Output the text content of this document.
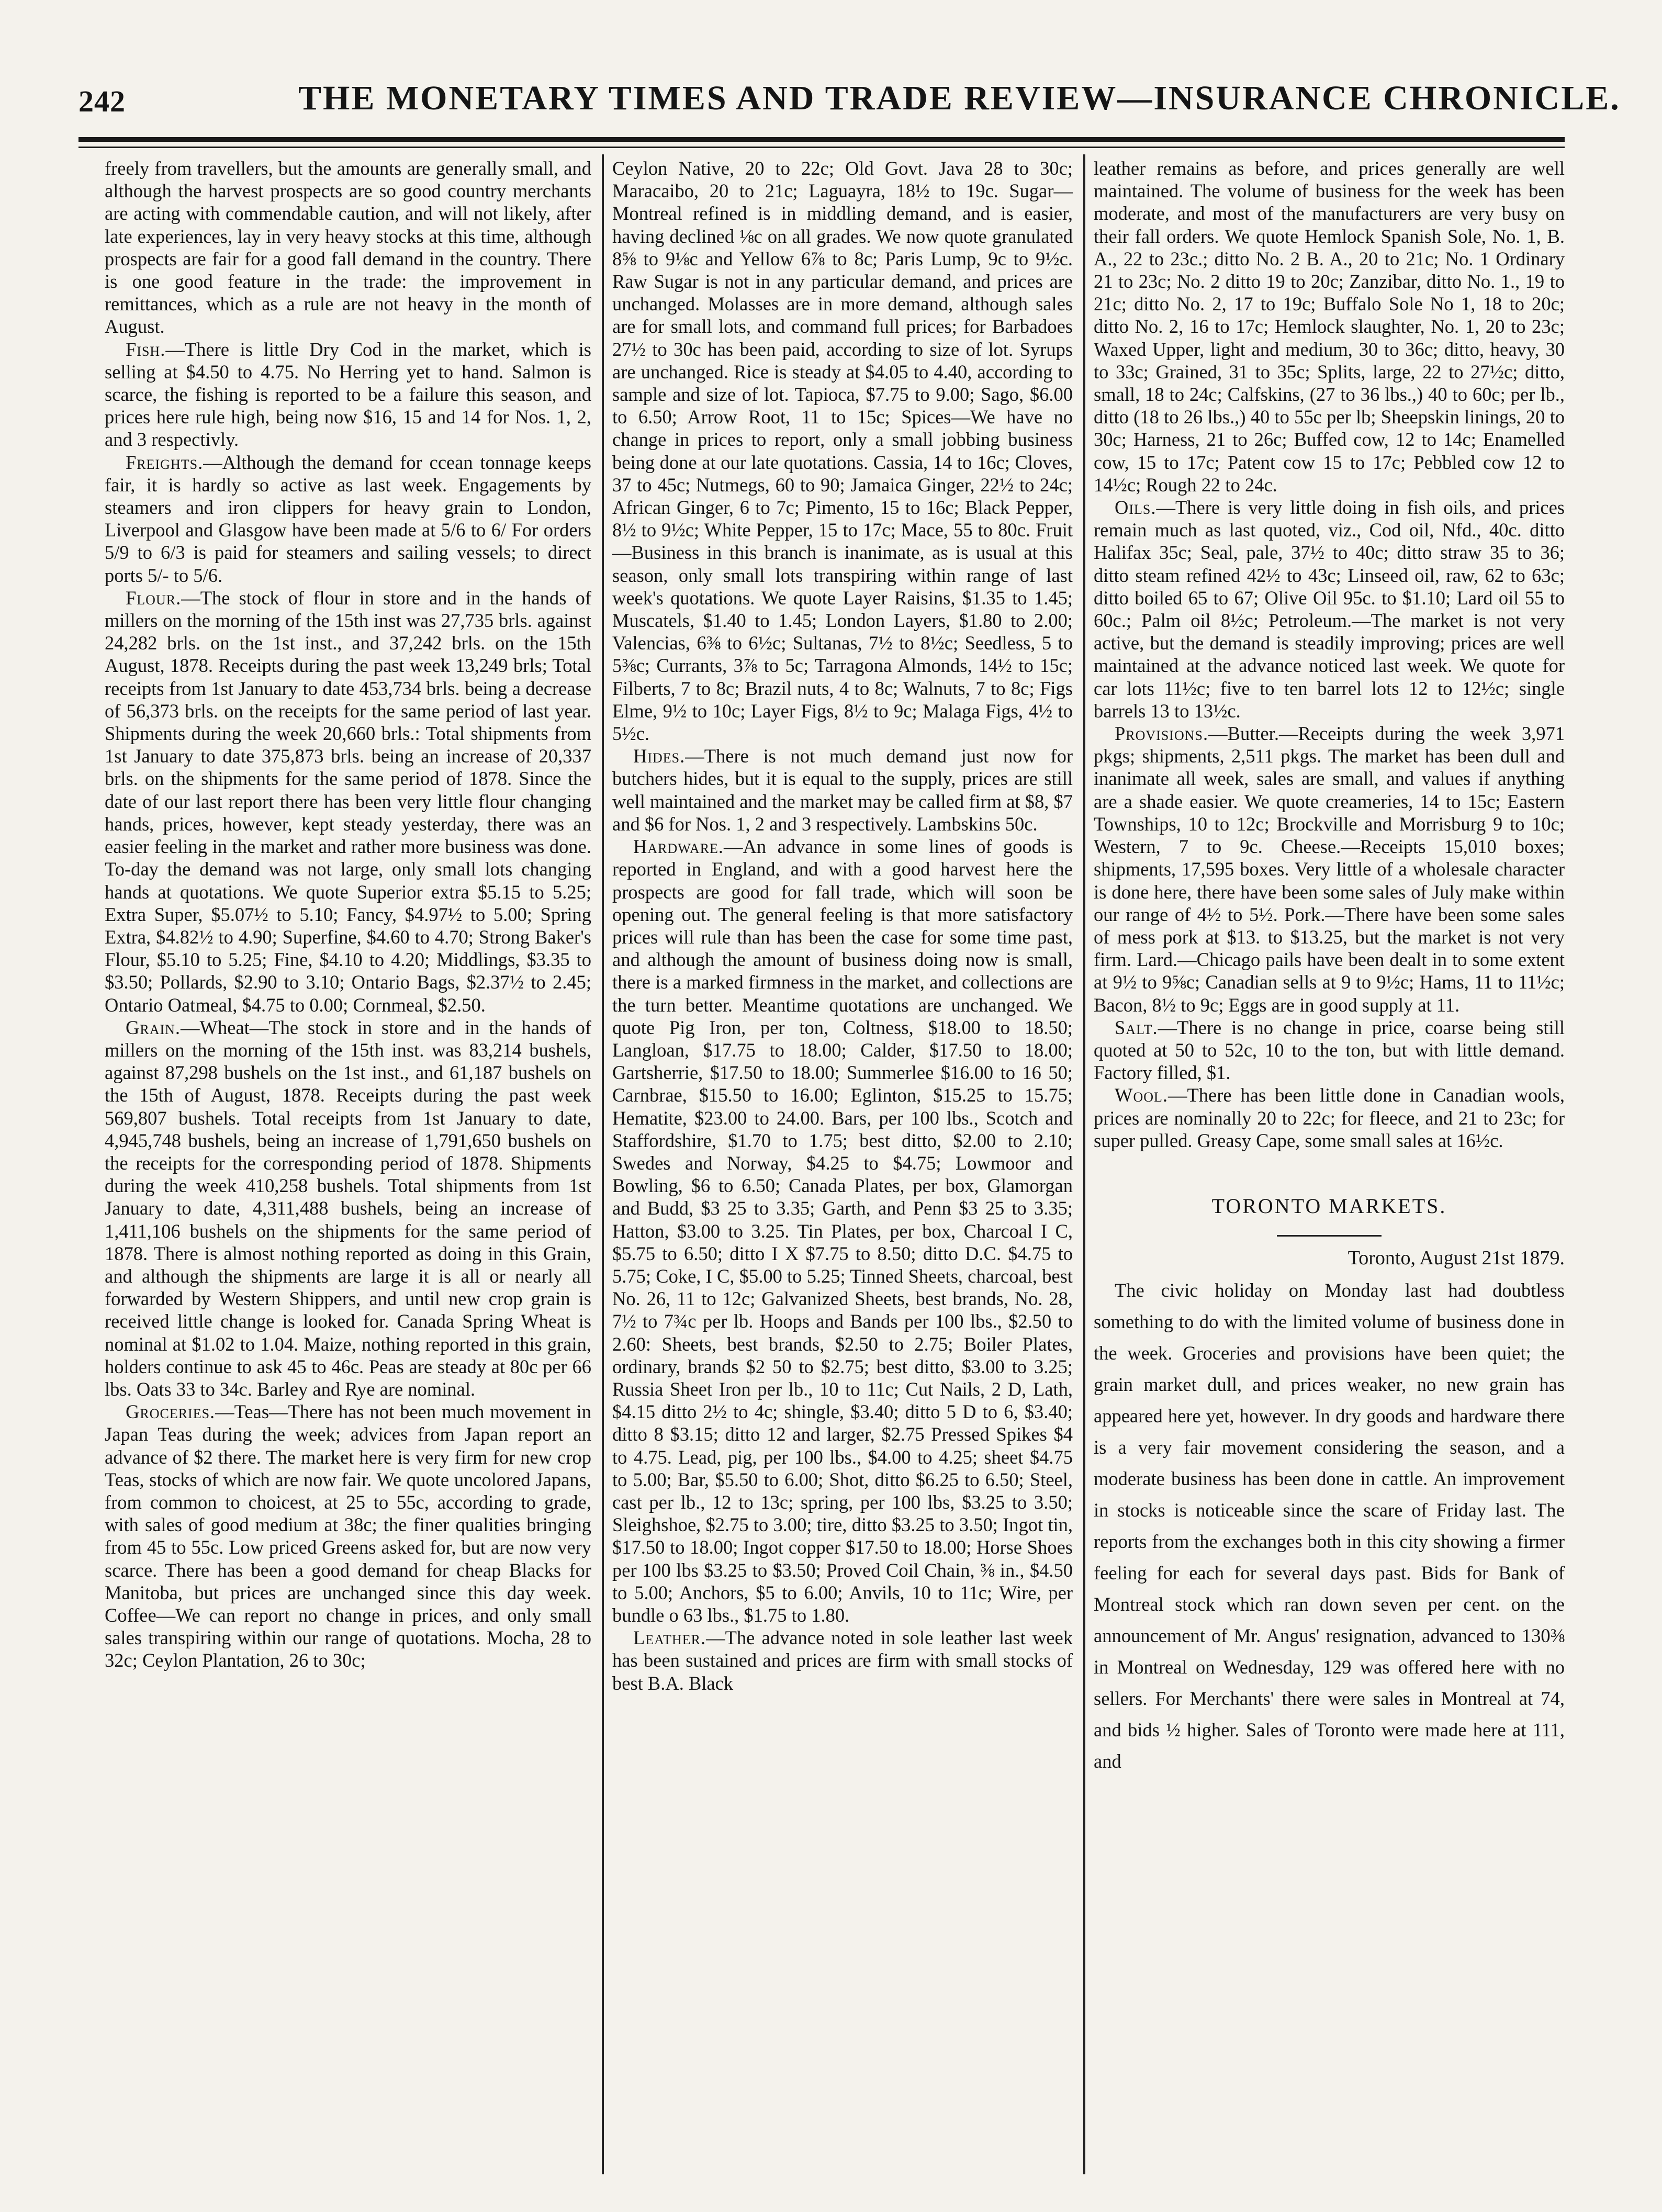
242	THE MONETARY TIMES AND TRADE REVIEW—INSURANCE CHRONICLE.

freely from travellers, but the amounts are generally small, and although the harvest prospects are so good country merchants are acting with commendable caution, and will not likely, after late experiences, lay in very heavy stocks at this time, although prospects are fair for a good fall demand in the country. There is one good feature in the trade: the improvement in remittances, which as a rule are not heavy in the month of August.

Fish.—There is little Dry Cod in the market, which is selling at $4.50 to 4.75. No Herring yet to hand. Salmon is scarce, the fishing is reported to be a failure this season, and prices here rule high, being now $16, 15 and 14 for Nos. 1, 2, and 3 respectivly.

Freights.—Although the demand for ccean tonnage keeps fair, it is hardly so active as last week. Engagements by steamers and iron clippers for heavy grain to London, Liverpool and Glasgow have been made at 5/6 to 6/ For orders 5/9 to 6/3 is paid for steamers and sailing vessels; to direct ports 5/- to 5/6.

Flour.—The stock of flour in store and in the hands of millers on the morning of the 15th inst was 27,735 brls. against 24,282 brls. on the 1st inst., and 37,242 brls. on the 15th August, 1878. Receipts during the past week 13,249 brls; Total receipts from 1st January to date 453,734 brls. being a decrease of 56,373 brls. on the receipts for the same period of last year. Shipments during the week 20,660 brls.: Total shipments from 1st January to date 375,873 brls. being an increase of 20,337 brls. on the shipments for the same period of 1878. Since the date of our last report there has been very little flour changing hands, prices, however, kept steady yesterday, there was an easier feeling in the market and rather more business was done. To-day the demand was not large, only small lots changing hands at quotations. We quote Superior extra $5.15 to 5.25; Extra Super, $5.07½ to 5.10; Fancy, $4.97½ to 5.00; Spring Extra, $4.82½ to 4.90; Superfine, $4.60 to 4.70; Strong Baker's Flour, $5.10 to 5.25; Fine, $4.10 to 4.20; Middlings, $3.35 to $3.50; Pollards, $2.90 to 3.10; Ontario Bags, $2.37½ to 2.45; Ontario Oatmeal, $4.75 to 0.00; Cornmeal, $2.50.

Grain.—Wheat—The stock in store and in the hands of millers on the morning of the 15th inst. was 83,214 bushels, against 87,298 bushels on the 1st inst., and 61,187 bushels on the 15th of August, 1878. Receipts during the past week 569,807 bushels. Total receipts from 1st January to date, 4,945,748 bushels, being an increase of 1,791,650 bushels on the receipts for the corresponding period of 1878. Shipments during the week 410,258 bushels. Total shipments from 1st January to date, 4,311,488 bushels, being an increase of 1,411,106 bushels on the shipments for the same period of 1878. There is almost nothing reported as doing in this Grain, and although the shipments are large it is all or nearly all forwarded by Western Shippers, and until new crop grain is received little change is looked for. Canada Spring Wheat is nominal at $1.02 to 1.04. Maize, nothing reported in this grain, holders continue to ask 45 to 46c. Peas are steady at 80c per 66 lbs. Oats 33 to 34c. Barley and Rye are nominal.

Groceries.—Teas—There has not been much movement in Japan Teas during the week; advices from Japan report an advance of $2 there. The market here is very firm for new crop Teas, stocks of which are now fair. We quote uncolored Japans, from common to choicest, at 25 to 55c, according to grade, with sales of good medium at 38c; the finer qualities bringing from 45 to 55c. Low priced Greens asked for, but are now very scarce. There has been a good demand for cheap Blacks for Manitoba, but prices are unchanged since this day week. Coffee—We can report no change in prices, and only small sales transpiring within our range of quotations. Mocha, 28 to 32c; Ceylon Plantation, 26 to 30c;

Ceylon Native, 20 to 22c; Old Govt. Java 28 to 30c; Maracaibo, 20 to 21c; Laguayra, 18½ to 19c. Sugar—Montreal refined is in middling demand, and is easier, having declined ⅛c on all grades. We now quote granulated 8⅝ to 9⅛c and Yellow 6⅞ to 8c; Paris Lump, 9c to 9½c. Raw Sugar is not in any particular demand, and prices are unchanged. Molasses are in more demand, although sales are for small lots, and command full prices; for Barbadoes 27½ to 30c has been paid, according to size of lot. Syrups are unchanged. Rice is steady at $4.05 to 4.40, according to sample and size of lot. Tapioca, $7.75 to 9.00; Sago, $6.00 to 6.50; Arrow Root, 11 to 15c; Spices—We have no change in prices to report, only a small jobbing business being done at our late quotations. Cassia, 14 to 16c; Cloves, 37 to 45c; Nutmegs, 60 to 90; Jamaica Ginger, 22½ to 24c; African Ginger, 6 to 7c; Pimento, 15 to 16c; Black Pepper, 8½ to 9½c; White Pepper, 15 to 17c; Mace, 55 to 80c. Fruit—Business in this branch is inanimate, as is usual at this season, only small lots transpiring within range of last week's quotations. We quote Layer Raisins, $1.35 to 1.45; Muscatels, $1.40 to 1.45; London Layers, $1.80 to 2.00; Valencias, 6⅜ to 6½c; Sultanas, 7½ to 8½c; Seedless, 5 to 5⅜c; Currants, 3⅞ to 5c; Tarragona Almonds, 14½ to 15c; Filberts, 7 to 8c; Brazil nuts, 4 to 8c; Walnuts, 7 to 8c; Figs Elme, 9½ to 10c; Layer Figs, 8½ to 9c; Malaga Figs, 4½ to 5½c.

Hides.—There is not much demand just now for butchers hides, but it is equal to the supply, prices are still well maintained and the market may be called firm at $8, $7 and $6 for Nos. 1, 2 and 3 respectively. Lambskins 50c.

Hardware.—An advance in some lines of goods is reported in England, and with a good harvest here the prospects are good for fall trade, which will soon be opening out. The general feeling is that more satisfactory prices will rule than has been the case for some time past, and although the amount of business doing now is small, there is a marked firmness in the market, and collections are the turn better. Meantime quotations are unchanged. We quote Pig Iron, per ton, Coltness, $18.00 to 18.50; Langloan, $17.75 to 18.00; Calder, $17.50 to 18.00; Gartsherrie, $17.50 to 18.00; Summerlee $16.00 to 16 50; Carnbrae, $15.50 to 16.00; Eglinton, $15.25 to 15.75; Hematite, $23.00 to 24.00. Bars, per 100 lbs., Scotch and Staffordshire, $1.70 to 1.75; best ditto, $2.00 to 2.10; Swedes and Norway, $4.25 to $4.75; Lowmoor and Bowling, $6 to 6.50; Canada Plates, per box, Glamorgan and Budd, $3 25 to 3.35; Garth, and Penn $3 25 to 3.35; Hatton, $3.00 to 3.25. Tin Plates, per box, Charcoal I C, $5.75 to 6.50; ditto I X $7.75 to 8.50; ditto D.C. $4.75 to 5.75; Coke, I C, $5.00 to 5.25; Tinned Sheets, charcoal, best No. 26, 11 to 12c; Galvanized Sheets, best brands, No. 28, 7½ to 7¾c per lb. Hoops and Bands per 100 lbs., $2.50 to 2.60: Sheets, best brands, $2.50 to 2.75; Boiler Plates, ordinary, brands $2 50 to $2.75; best ditto, $3.00 to 3.25; Russia Sheet Iron per lb., 10 to 11c; Cut Nails, 2 D, Lath, $4.15 ditto 2½ to 4c; shingle, $3.40; ditto 5 D to 6, $3.40; ditto 8 $3.15; ditto 12 and larger, $2.75 Pressed Spikes $4 to 4.75. Lead, pig, per 100 lbs., $4.00 to 4.25; sheet $4.75 to 5.00; Bar, $5.50 to 6.00; Shot, ditto $6.25 to 6.50; Steel, cast per lb., 12 to 13c; spring, per 100 lbs, $3.25 to 3.50; Sleighshoe, $2.75 to 3.00; tire, ditto $3.25 to 3.50; Ingot tin, $17.50 to 18.00; Ingot copper $17.50 to 18.00; Horse Shoes per 100 lbs $3.25 to $3.50; Proved Coil Chain, ⅜ in., $4.50 to 5.00; Anchors, $5 to 6.00; Anvils, 10 to 11c; Wire, per bundle o 63 lbs., $1.75 to 1.80.

Leather.—The advance noted in sole leather last week has been sustained and prices are firm with small stocks of best B.A. Black

leather remains as before, and prices generally are well maintained. The volume of business for the week has been moderate, and most of the manufacturers are very busy on their fall orders. We quote Hemlock Spanish Sole, No. 1, B. A., 22 to 23c.; ditto No. 2 B. A., 20 to 21c; No. 1 Ordinary 21 to 23c; No. 2 ditto 19 to 20c; Zanzibar, ditto No. 1., 19 to 21c; ditto No. 2, 17 to 19c; Buffalo Sole No 1, 18 to 20c; ditto No. 2, 16 to 17c; Hemlock slaughter, No. 1, 20 to 23c; Waxed Upper, light and medium, 30 to 36c; ditto, heavy, 30 to 33c; Grained, 31 to 35c; Splits, large, 22 to 27½c; ditto, small, 18 to 24c; Calfskins, (27 to 36 lbs.,) 40 to 60c; per lb., ditto (18 to 26 lbs.,) 40 to 55c per lb; Sheepskin linings, 20 to 30c; Harness, 21 to 26c; Buffed cow, 12 to 14c; Enamelled cow, 15 to 17c; Patent cow 15 to 17c; Pebbled cow 12 to 14½c; Rough 22 to 24c.

Oils.—There is very little doing in fish oils, and prices remain much as last quoted, viz., Cod oil, Nfd., 40c. ditto Halifax 35c; Seal, pale, 37½ to 40c; ditto straw 35 to 36; ditto steam refined 42½ to 43c; Linseed oil, raw, 62 to 63c; ditto boiled 65 to 67; Olive Oil 95c. to $1.10; Lard oil 55 to 60c.; Palm oil 8½c; Petroleum.—The market is not very active, but the demand is steadily improving; prices are well maintained at the advance noticed last week. We quote for car lots 11½c; five to ten barrel lots 12 to 12½c; single barrels 13 to 13½c.

Provisions.—Butter.—Receipts during the week 3,971 pkgs; shipments, 2,511 pkgs. The market has been dull and inanimate all week, sales are small, and values if anything are a shade easier. We quote creameries, 14 to 15c; Eastern Townships, 10 to 12c; Brockville and Morrisburg 9 to 10c; Western, 7 to 9c. Cheese.—Receipts 15,010 boxes; shipments, 17,595 boxes. Very little of a wholesale character is done here, there have been some sales of July make within our range of 4½ to 5½. Pork.—There have been some sales of mess pork at $13. to $13.25, but the market is not very firm. Lard.—Chicago pails have been dealt in to some extent at 9½ to 9⅝c; Canadian sells at 9 to 9½c; Hams, 11 to 11½c; Bacon, 8½ to 9c; Eggs are in good supply at 11.

Salt.—There is no change in price, coarse being still quoted at 50 to 52c, 10 to the ton, but with little demand. Factory filled, $1.

Wool.—There has been little done in Canadian wools, prices are nominally 20 to 22c; for fleece, and 21 to 23c; for super pulled. Greasy Cape, some small sales at 16½c.

TORONTO MARKETS.
Toronto, August 21st 1879.

The civic holiday on Monday last had doubtless something to do with the limited volume of business done in the week. Groceries and provisions have been quiet; the grain market dull, and prices weaker, no new grain has appeared here yet, however. In dry goods and hardware there is a very fair movement considering the season, and a moderate business has been done in cattle. An improvement in stocks is noticeable since the scare of Friday last. The reports from the exchanges both in this city showing a firmer feeling for each for several days past. Bids for Bank of Montreal stock which ran down seven per cent. on the announcement of Mr. Angus' resignation, advanced to 130⅜ in Montreal on Wednesday, 129 was offered here with no sellers. For Merchants' there were sales in Montreal at 74, and bids ½ higher. Sales of Toronto were made here at 111, and
